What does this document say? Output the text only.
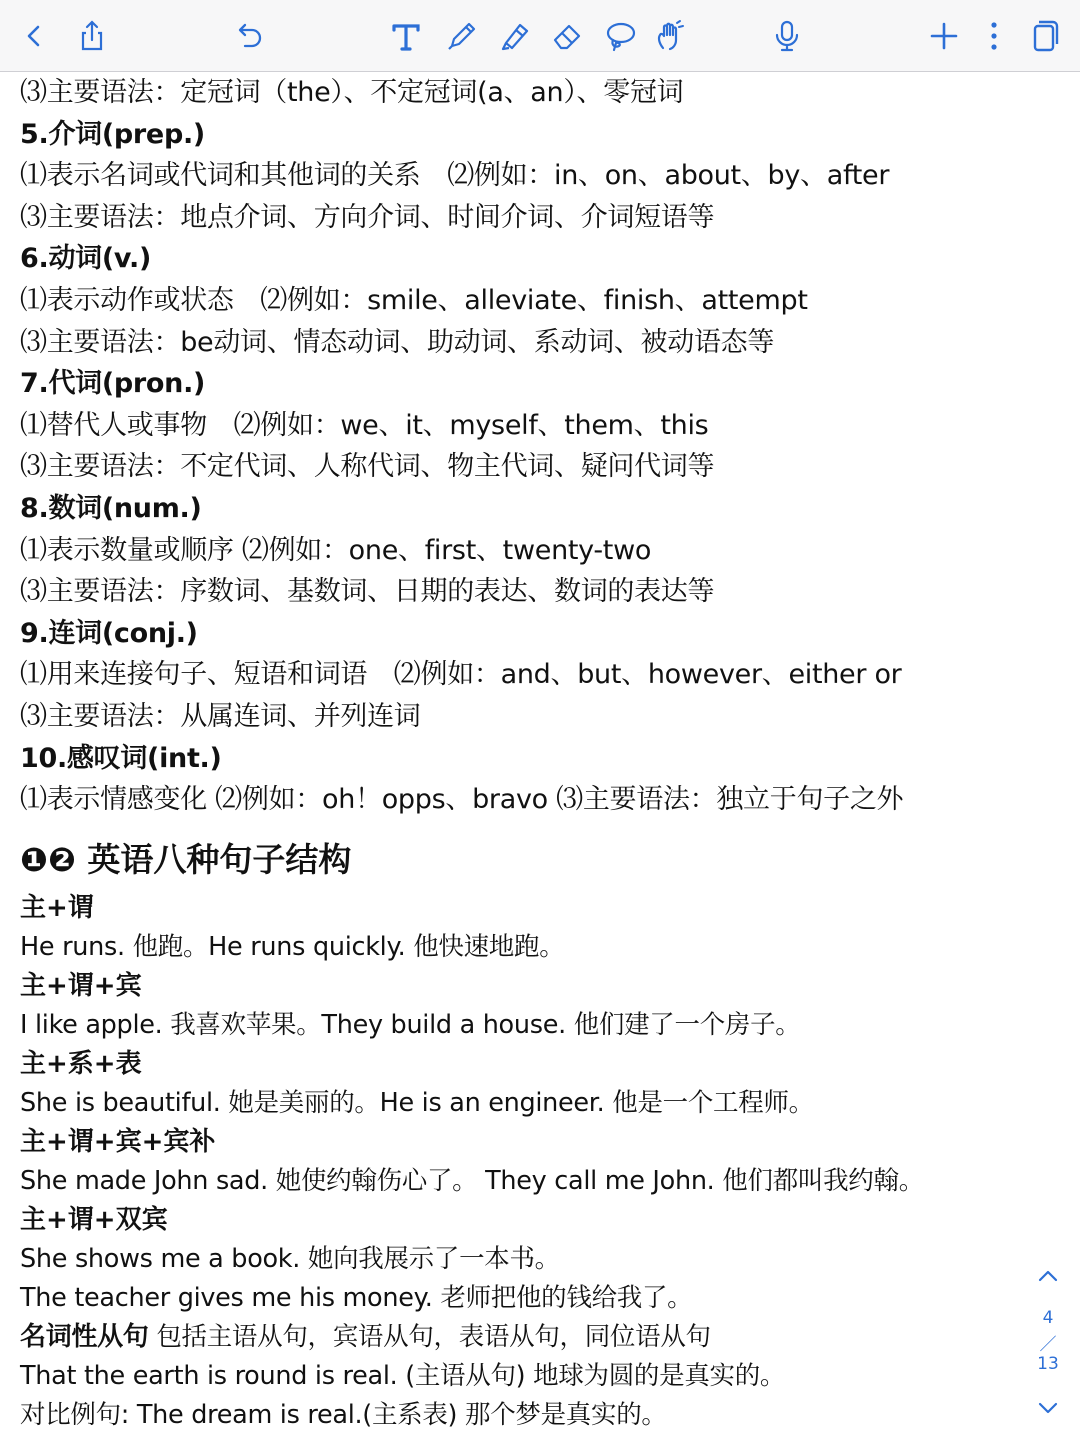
⑶主要语法：定冠词（the）、不定冠词(a、an）、零冠词
5.介词(prep.)
⑴表示名词或代词和其他词的关系　⑵例如：in、on、about、by、after
⑶主要语法：地点介词、方向介词、时间介词、介词短语等
6.动词(v.)
⑴表示动作或状态　⑵例如：smile、alleviate、finish、attempt
⑶主要语法：be动词、情态动词、助动词、系动词、被动语态等
7.代词(pron.)
⑴替代人或事物　⑵例如：we、it、myself、them、this
⑶主要语法：不定代词、人称代词、物主代词、疑问代词等
8.数词(num.)
⑴表示数量或顺序 ⑵例如：one、first、twenty-two
⑶主要语法：序数词、基数词、日期的表达、数词的表达等
9.连词(conj.)
⑴用来连接句子、短语和词语　⑵例如：and、but、however、either or
⑶主要语法：从属连词、并列连词
10.感叹词(int.)
⑴表示情感变化 ⑵例如：oh！opps、bravo ⑶主要语法：独立于句子之外
❶❷ 英语八种句子结构
主+谓
He runs. 他跑。He runs quickly. 他快速地跑。
主+谓+宾
I like apple. 我喜欢苹果。They build a house. 他们建了一个房子。
主+系+表
She is beautiful. 她是美丽的。He is an engineer. 他是一个工程师。
主+谓+宾+宾补
She made John sad. 她使约翰伤心了。 They call me John. 他们都叫我约翰。
主+谓+双宾
She shows me a book. 她向我展示了一本书。
The teacher gives me his money. 老师把他的钱给我了。
名词性从句 包括主语从句，宾语从句，表语从句，同位语从句
That the earth is round is real. (主语从句) 地球为圆的是真实的。
对比例句: The dream is real.(主系表) 那个梦是真实的。
4
／
13
